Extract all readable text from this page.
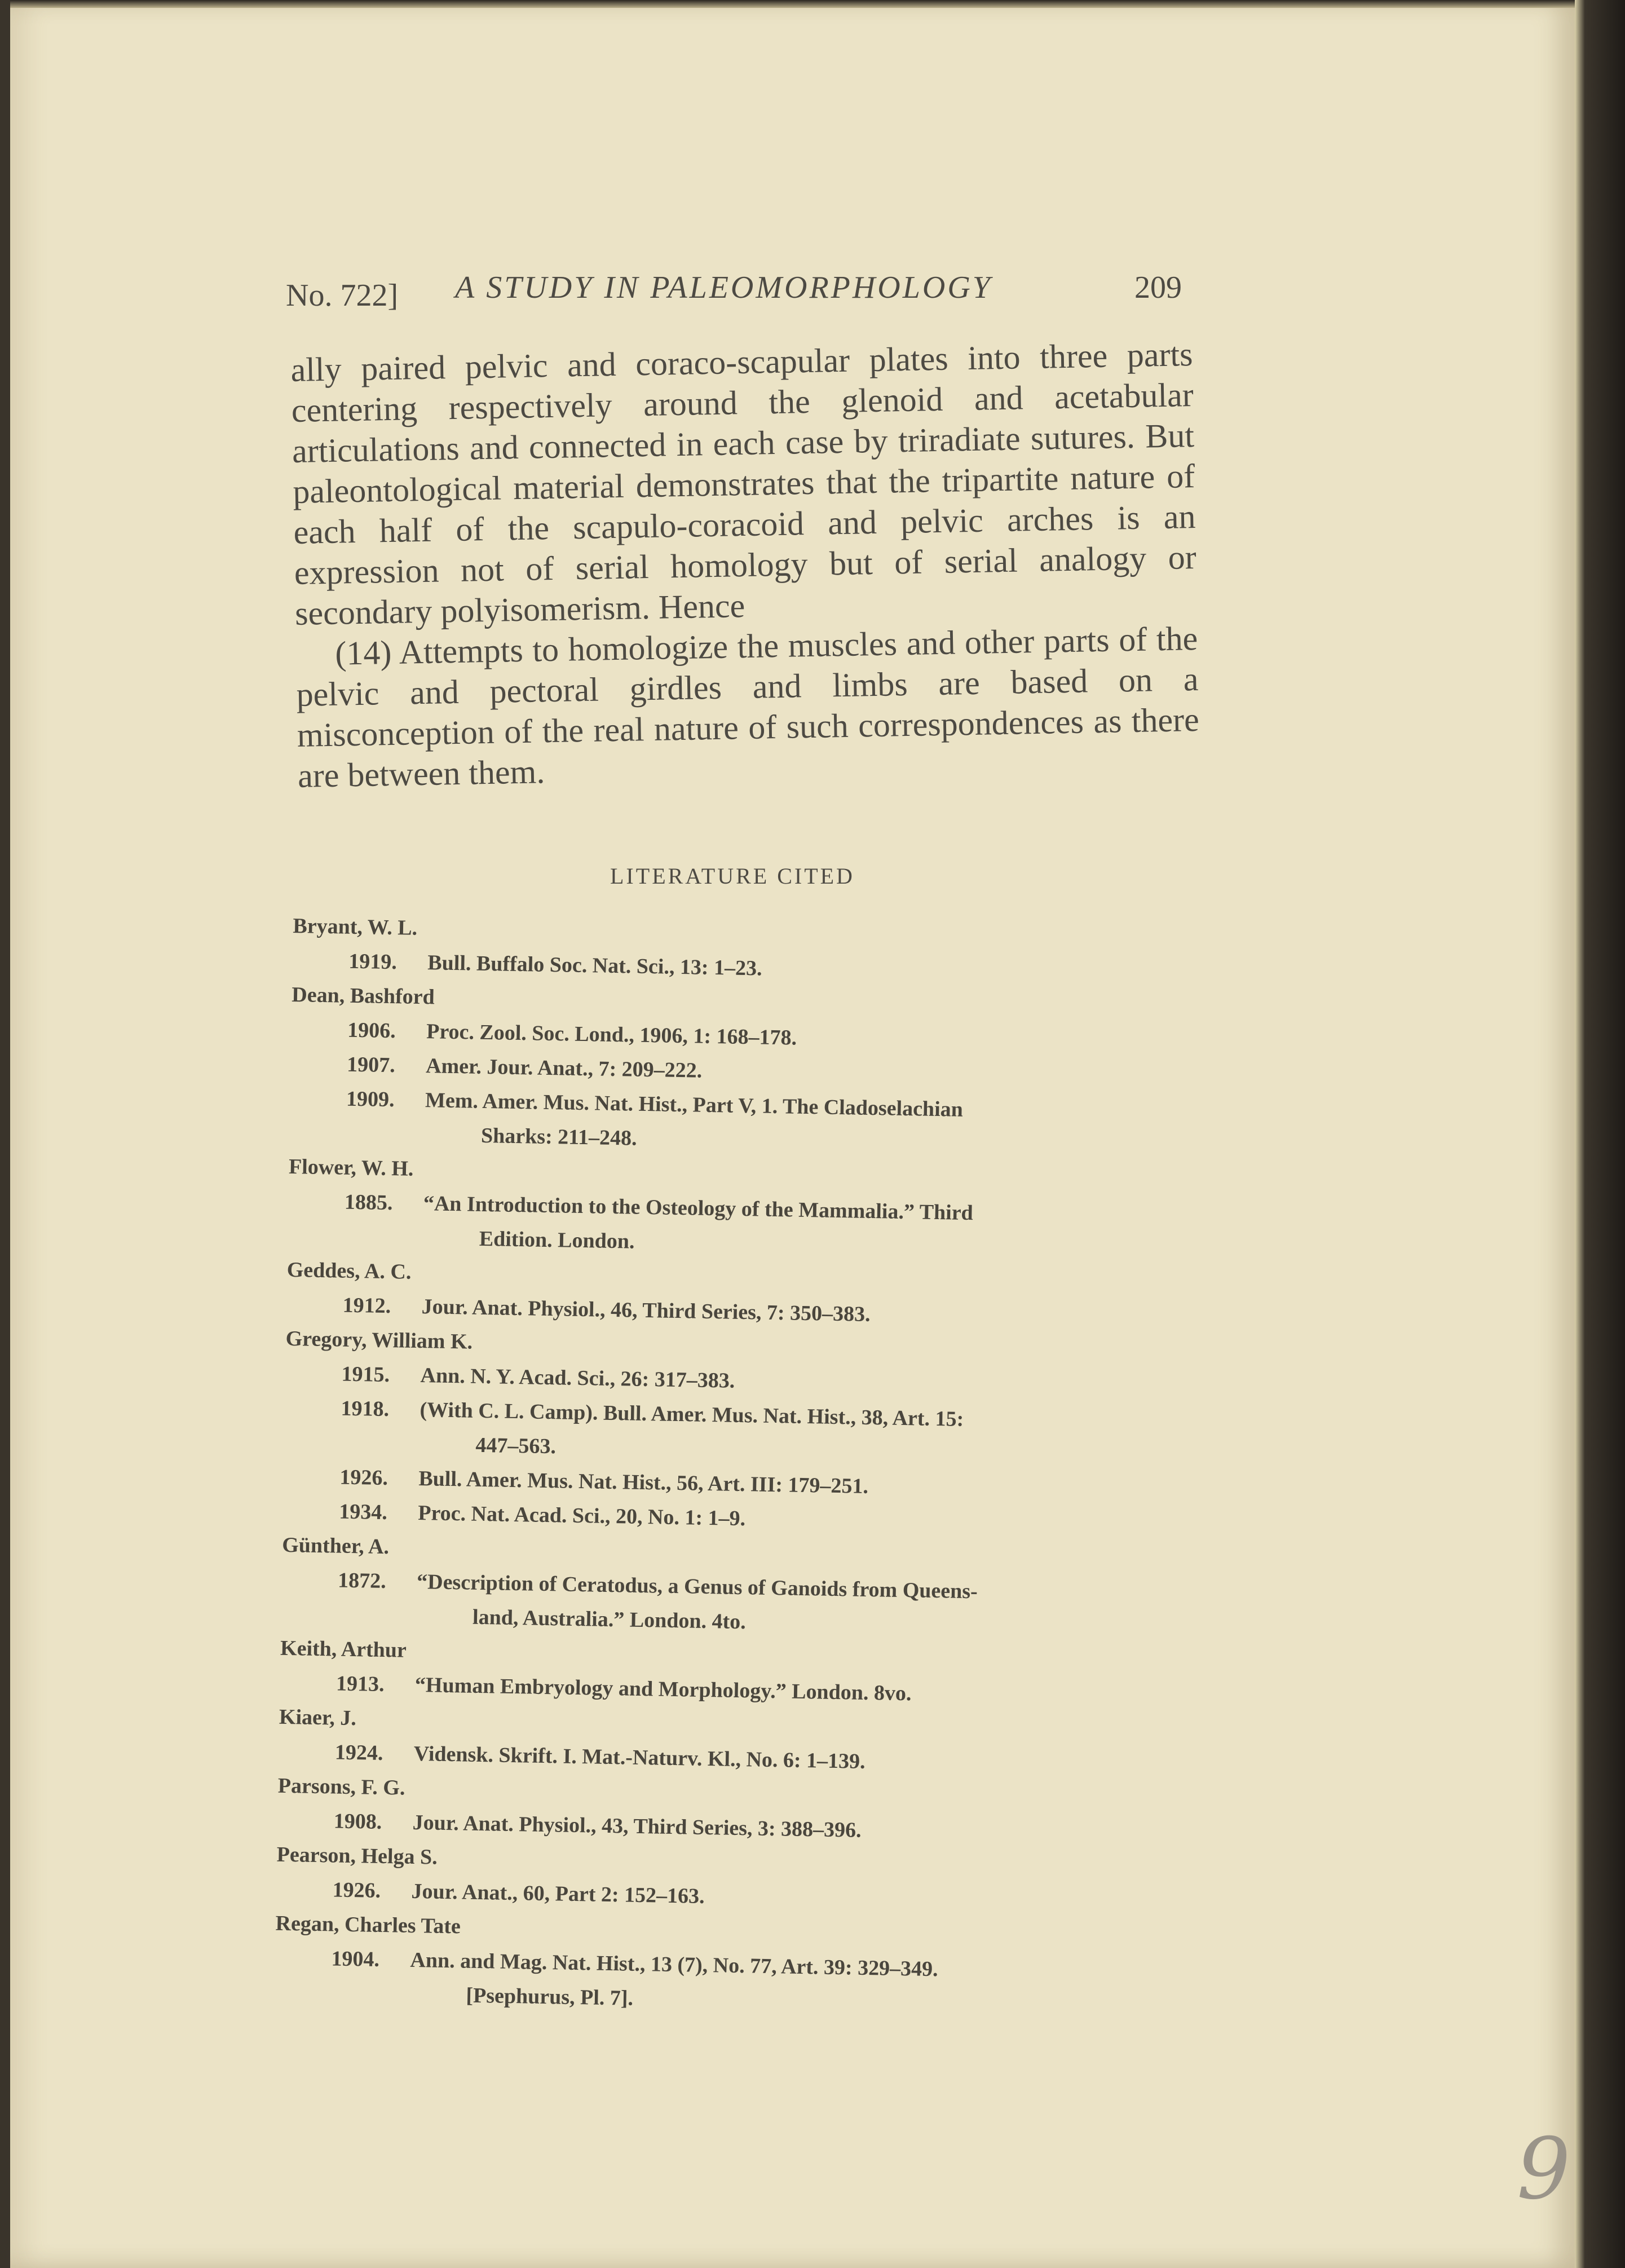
No. 722] A STUDY IN PALEOMORPHOLOGY	209

ally paired pelvic and coraco-scapular plates into three parts centering respectively around the glenoid and acetabular articulations and connected in each case by triradiate sutures. But paleontological material demonstrates that the tripartite nature of each half of the scapulo-coracoid and pelvic arches is an expression not of serial homology but of serial analogy or secondary polyisomerism. Hence

(14) Attempts to homologize the muscles and other parts of the pelvic and pectoral girdles and limbs are based on a misconception of the real nature of such correspondences as there are between them.

LITERATURE CITED
Bryant, W. L.
1919. Bull. Buffalo Soc. Nat. Sci., 13: 1–23.
Dean, Bashford
1906. Proc. Zool. Soc. Lond., 1906, 1: 168–178.
1907. Amer. Jour. Anat., 7: 209–222.
1909. Mem. Amer. Mus. Nat. Hist., Part V, 1. The Cladoselachian
Sharks: 211–248.
Flower, W. H.
1885. “An Introduction to the Osteology of the Mammalia.” Third
Edition. London.
Geddes, A. C.
1912. Jour. Anat. Physiol., 46, Third Series, 7: 350–383.
Gregory, William K.
1915. Ann. N. Y. Acad. Sci., 26: 317–383.
1918. (With C. L. Camp). Bull. Amer. Mus. Nat. Hist., 38, Art. 15:
447–563.
1926. Bull. Amer. Mus. Nat. Hist., 56, Art. III: 179–251.
1934. Proc. Nat. Acad. Sci., 20, No. 1: 1–9.
Günther, A.
1872. “Description of Ceratodus, a Genus of Ganoids from Queens-
land, Australia.” London. 4to.
Keith, Arthur
1913. “Human Embryology and Morphology.” London. 8vo.
Kiaer, J.
1924. Vidensk. Skrift. I. Mat.-Naturv. Kl., No. 6: 1–139.
Parsons, F. G.
1908. Jour. Anat. Physiol., 43, Third Series, 3: 388–396.
Pearson, Helga S.
1926. Jour. Anat., 60, Part 2: 152–163.
Regan, Charles Tate
1904. Ann. and Mag. Nat. Hist., 13 (7), No. 77, Art. 39: 329–349.
[Psephurus, Pl. 7].
9
